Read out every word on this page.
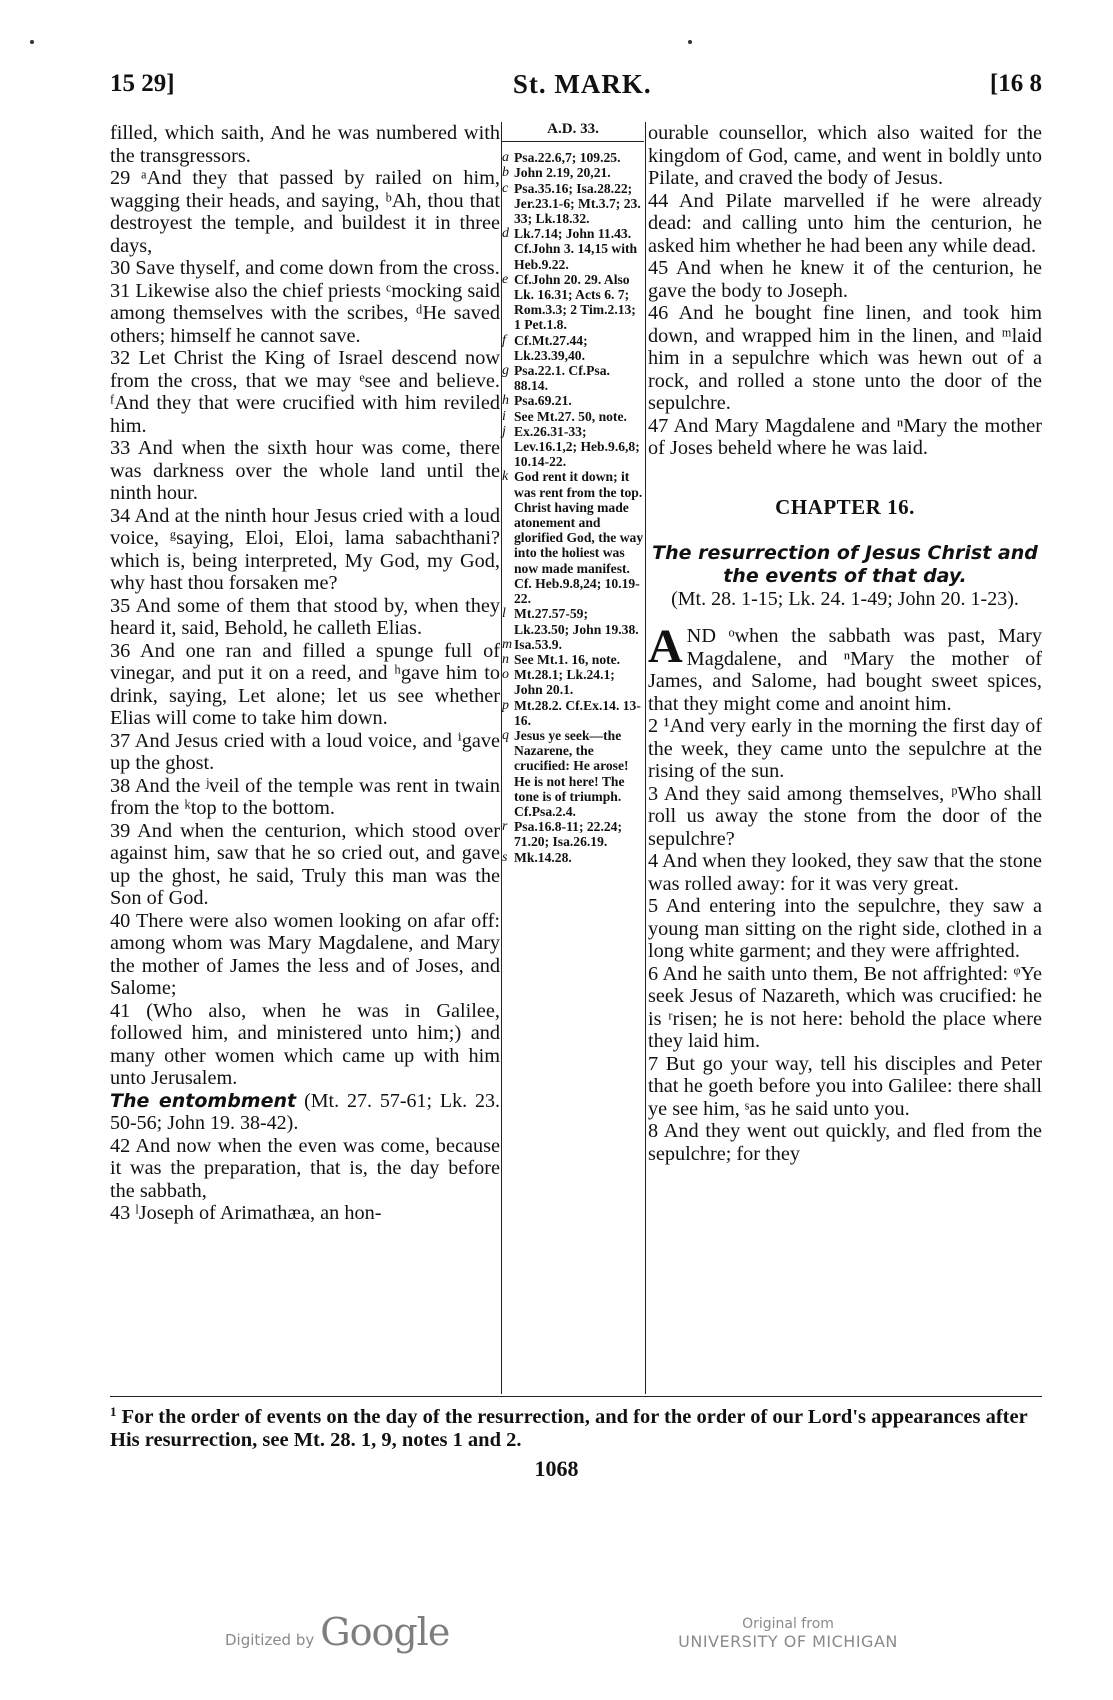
15 29]	St. MARK.	[16 8

filled, which saith, And he was numbered with the transgressors.

29 ᵃAnd they that passed by railed on him, wagging their heads, and saying, ᵇAh, thou that destroyest the temple, and buildest it in three days,

30 Save thyself, and come down from the cross.

31 Likewise also the chief priests ᶜmocking said among themselves with the scribes, ᵈHe saved others; himself he cannot save.

32 Let Christ the King of Israel descend now from the cross, that we may ᵉsee and believe. ᶠAnd they that were crucified with him reviled him.

33 And when the sixth hour was come, there was darkness over the whole land until the ninth hour.

34 And at the ninth hour Jesus cried with a loud voice, ᵍsaying, Eloi, Eloi, lama sabachthani? which is, being interpreted, My God, my God, why hast thou forsaken me?

35 And some of them that stood by, when they heard it, said, Behold, he calleth Elias.

36 And one ran and filled a spunge full of vinegar, and put it on a reed, and ʰgave him to drink, saying, Let alone; let us see whether Elias will come to take him down.

37 And Jesus cried with a loud voice, and ⁱgave up the ghost.

38 And the ʲveil of the temple was rent in twain from the ᵏtop to the bottom.

39 And when the centurion, which stood over against him, saw that he so cried out, and gave up the ghost, he said, Truly this man was the Son of God.

40 There were also women looking on afar off: among whom was Mary Magdalene, and Mary the mother of James the less and of Joses, and Salome;

41 (Who also, when he was in Galilee, followed him, and ministered unto him;) and many other women which came up with him unto Jerusalem.

The entombment (Mt. 27. 57-61; Lk. 23. 50-56; John 19. 38-42).

42 And now when the even was come, because it was the preparation, that is, the day before the sabbath,

43 ˡJoseph of Arimathæa, an hon-

A.D. 33.
a Psa.22.6,7; 109.25.
b John 2.19, 20,21.
c Psa.35.16; Isa.28.22; Jer.23.1-6; Mt.3.7; 23. 33; Lk.18.32.
d Lk.7.14; John 11.43. Cf.John 3. 14,15 with Heb.9.22.
e Cf.John 20. 29. Also Lk. 16.31; Acts 6. 7; Rom.3.3; 2 Tim.2.13; 1 Pet.1.8.
f Cf.Mt.27.44; Lk.23.39,40.
g Psa.22.1. Cf.Psa. 88.14.
h Psa.69.21.
i See Mt.27. 50, note.
j Ex.26.31-33; Lev.16.1,2; Heb.9.6,8; 10.14-22.
k God rent it down; it was rent from the top. Christ having made atonement and glorified God, the way into the holiest was now made manifest. Cf. Heb.9.8,24; 10.19-22.
l Mt.27.57-59; Lk.23.50; John 19.38.
m Isa.53.9.
n See Mt.1. 16, note.
o Mt.28.1; Lk.24.1; John 20.1.
p Mt.28.2. Cf.Ex.14. 13-16.
q Jesus ye seek—the Nazarene, the crucified: He arose! He is not here! The tone is of triumph. Cf.Psa.2.4.
r Psa.16.8-11; 22.24; 71.20; Isa.26.19.
s Mk.14.28.

ourable counsellor, which also waited for the kingdom of God, came, and went in boldly unto Pilate, and craved the body of Jesus.

44 And Pilate marvelled if he were already dead: and calling unto him the centurion, he asked him whether he had been any while dead.

45 And when he knew it of the centurion, he gave the body to Joseph.

46 And he bought fine linen, and took him down, and wrapped him in the linen, and ᵐlaid him in a sepulchre which was hewn out of a rock, and rolled a stone unto the door of the sepulchre.

47 And Mary Magdalene and ⁿMary the mother of Joses beheld where he was laid.

CHAPTER 16.
The resurrection of Jesus Christ and the events of that day.
(Mt. 28. 1-15; Lk. 24. 1-49; John 20. 1-23).

AND ᵒwhen the sabbath was past, Mary Magdalene, and ⁿMary the mother of James, and Salome, had bought sweet spices, that they might come and anoint him.

2 ¹And very early in the morning the first day of the week, they came unto the sepulchre at the rising of the sun.

3 And they said among themselves, ᵖWho shall roll us away the stone from the door of the sepulchre?

4 And when they looked, they saw that the stone was rolled away: for it was very great.

5 And entering into the sepulchre, they saw a young man sitting on the right side, clothed in a long white garment; and they were affrighted.

6 And he saith unto them, Be not affrighted: ᵠYe seek Jesus of Nazareth, which was crucified: he is ʳrisen; he is not here: behold the place where they laid him.

7 But go your way, tell his disciples and Peter that he goeth before you into Galilee: there shall ye see him, ˢas he said unto you.

8 And they went out quickly, and fled from the sepulchre; for they

$^1$ For the order of events on the day of the resurrection, and for the order of our Lord's appearances after His resurrection, see Mt. 28. 1, 9, notes 1 and 2.
1068
Digitized by Google	Original from
UNIVERSITY OF MICHIGAN
